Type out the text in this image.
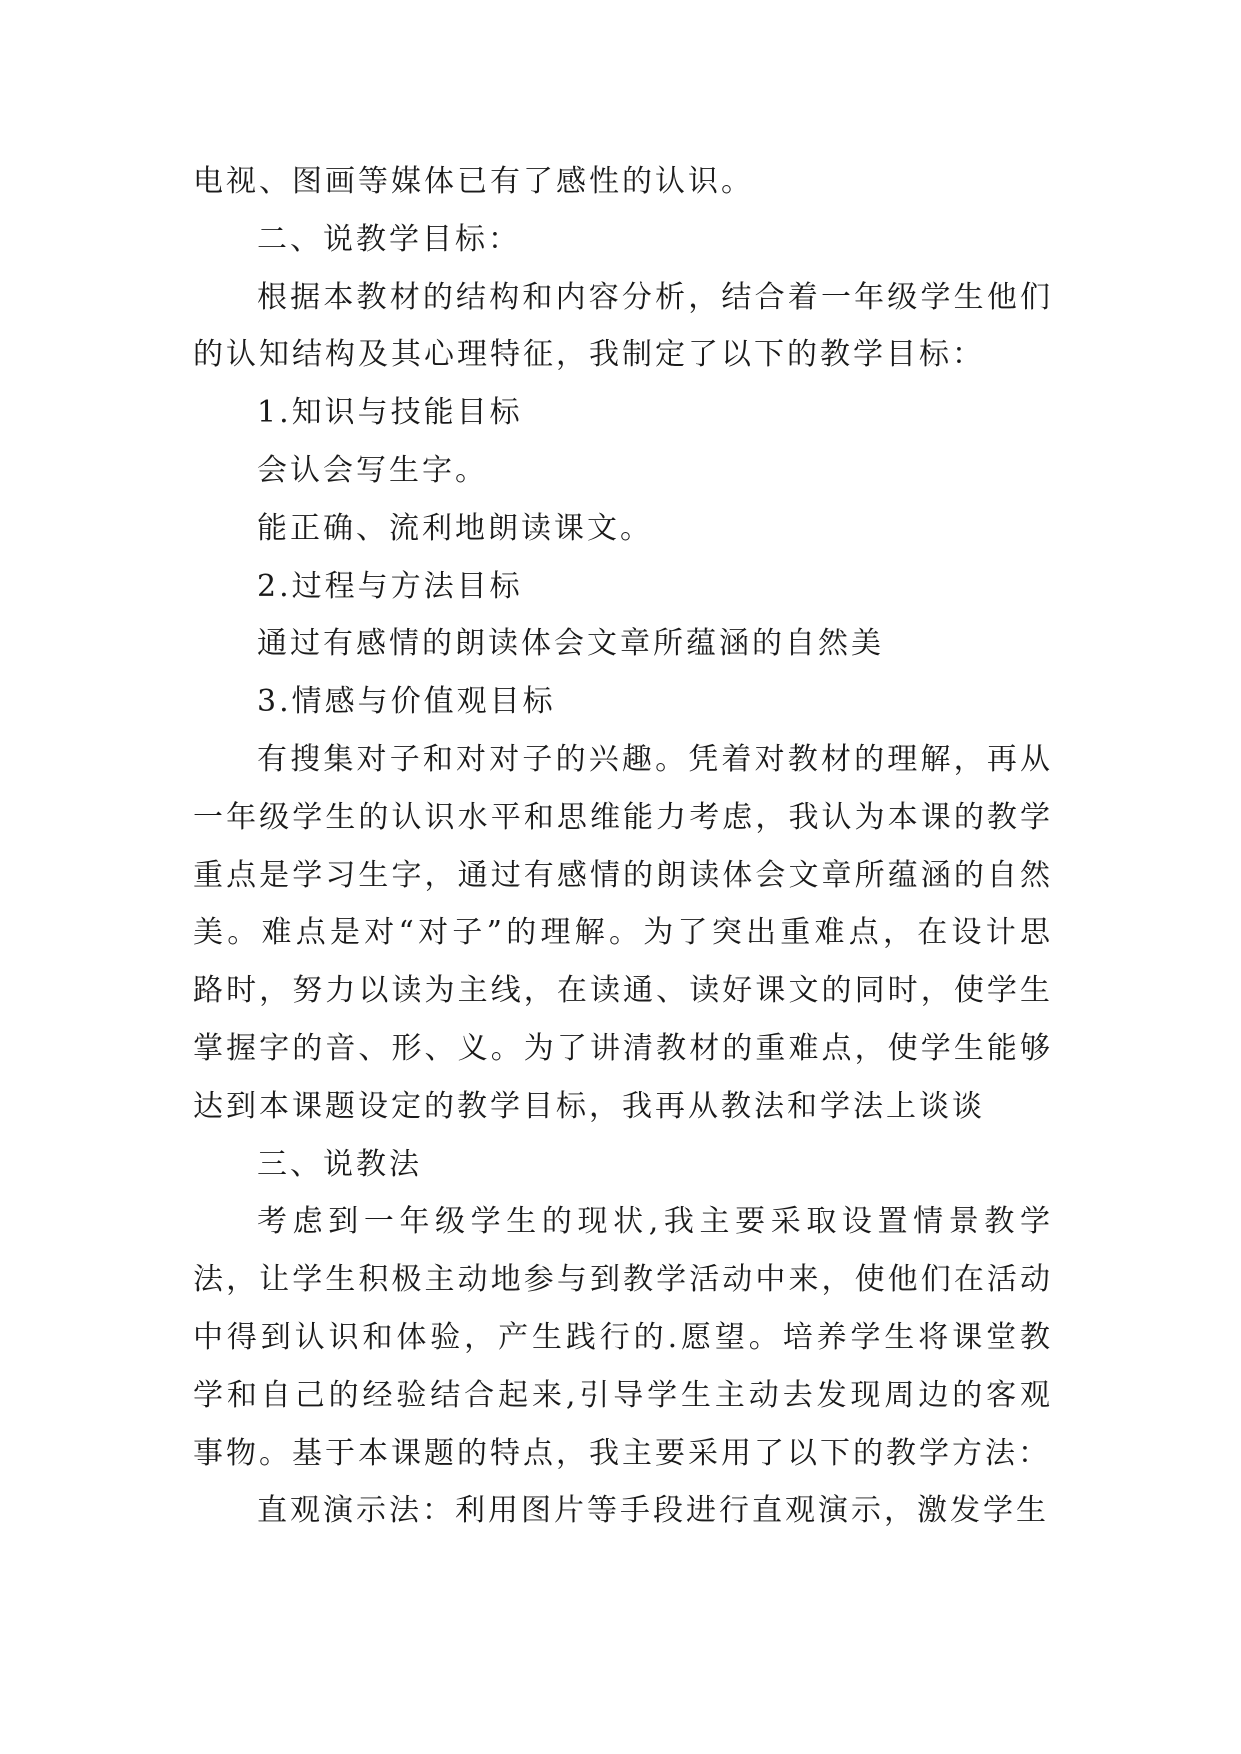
电视、图画等媒体已有了感性的认识。

二、说教学目标：

根据本教材的结构和内容分析，结合着一年级学生他们的认知结构及其心理特征，我制定了以下的教学目标：

1.知识与技能目标

会认会写生字。

能正确、流利地朗读课文。

2.过程与方法目标

通过有感情的朗读体会文章所蕴涵的自然美

3.情感与价值观目标

有搜集对子和对对子的兴趣。凭着对教材的理解，再从一年级学生的认识水平和思维能力考虑，我认为本课的教学重点是学习生字，通过有感情的朗读体会文章所蕴涵的自然美。难点是对“对子”的理解。为了突出重难点，在设计思路时，努力以读为主线，在读通、读好课文的同时，使学生掌握字的音、形、义。为了讲清教材的重难点，使学生能够达到本课题设定的教学目标，我再从教法和学法上谈谈

三、说教法

考虑到一年级学生的现状,我主要采取设置情景教学法，让学生积极主动地参与到教学活动中来，使他们在活动中得到认识和体验，产生践行的.愿望。培养学生将课堂教学和自己的经验结合起来,引导学生主动去发现周边的客观事物。基于本课题的特点，我主要采用了以下的教学方法：

直观演示法：利用图片等手段进行直观演示，激发学生
